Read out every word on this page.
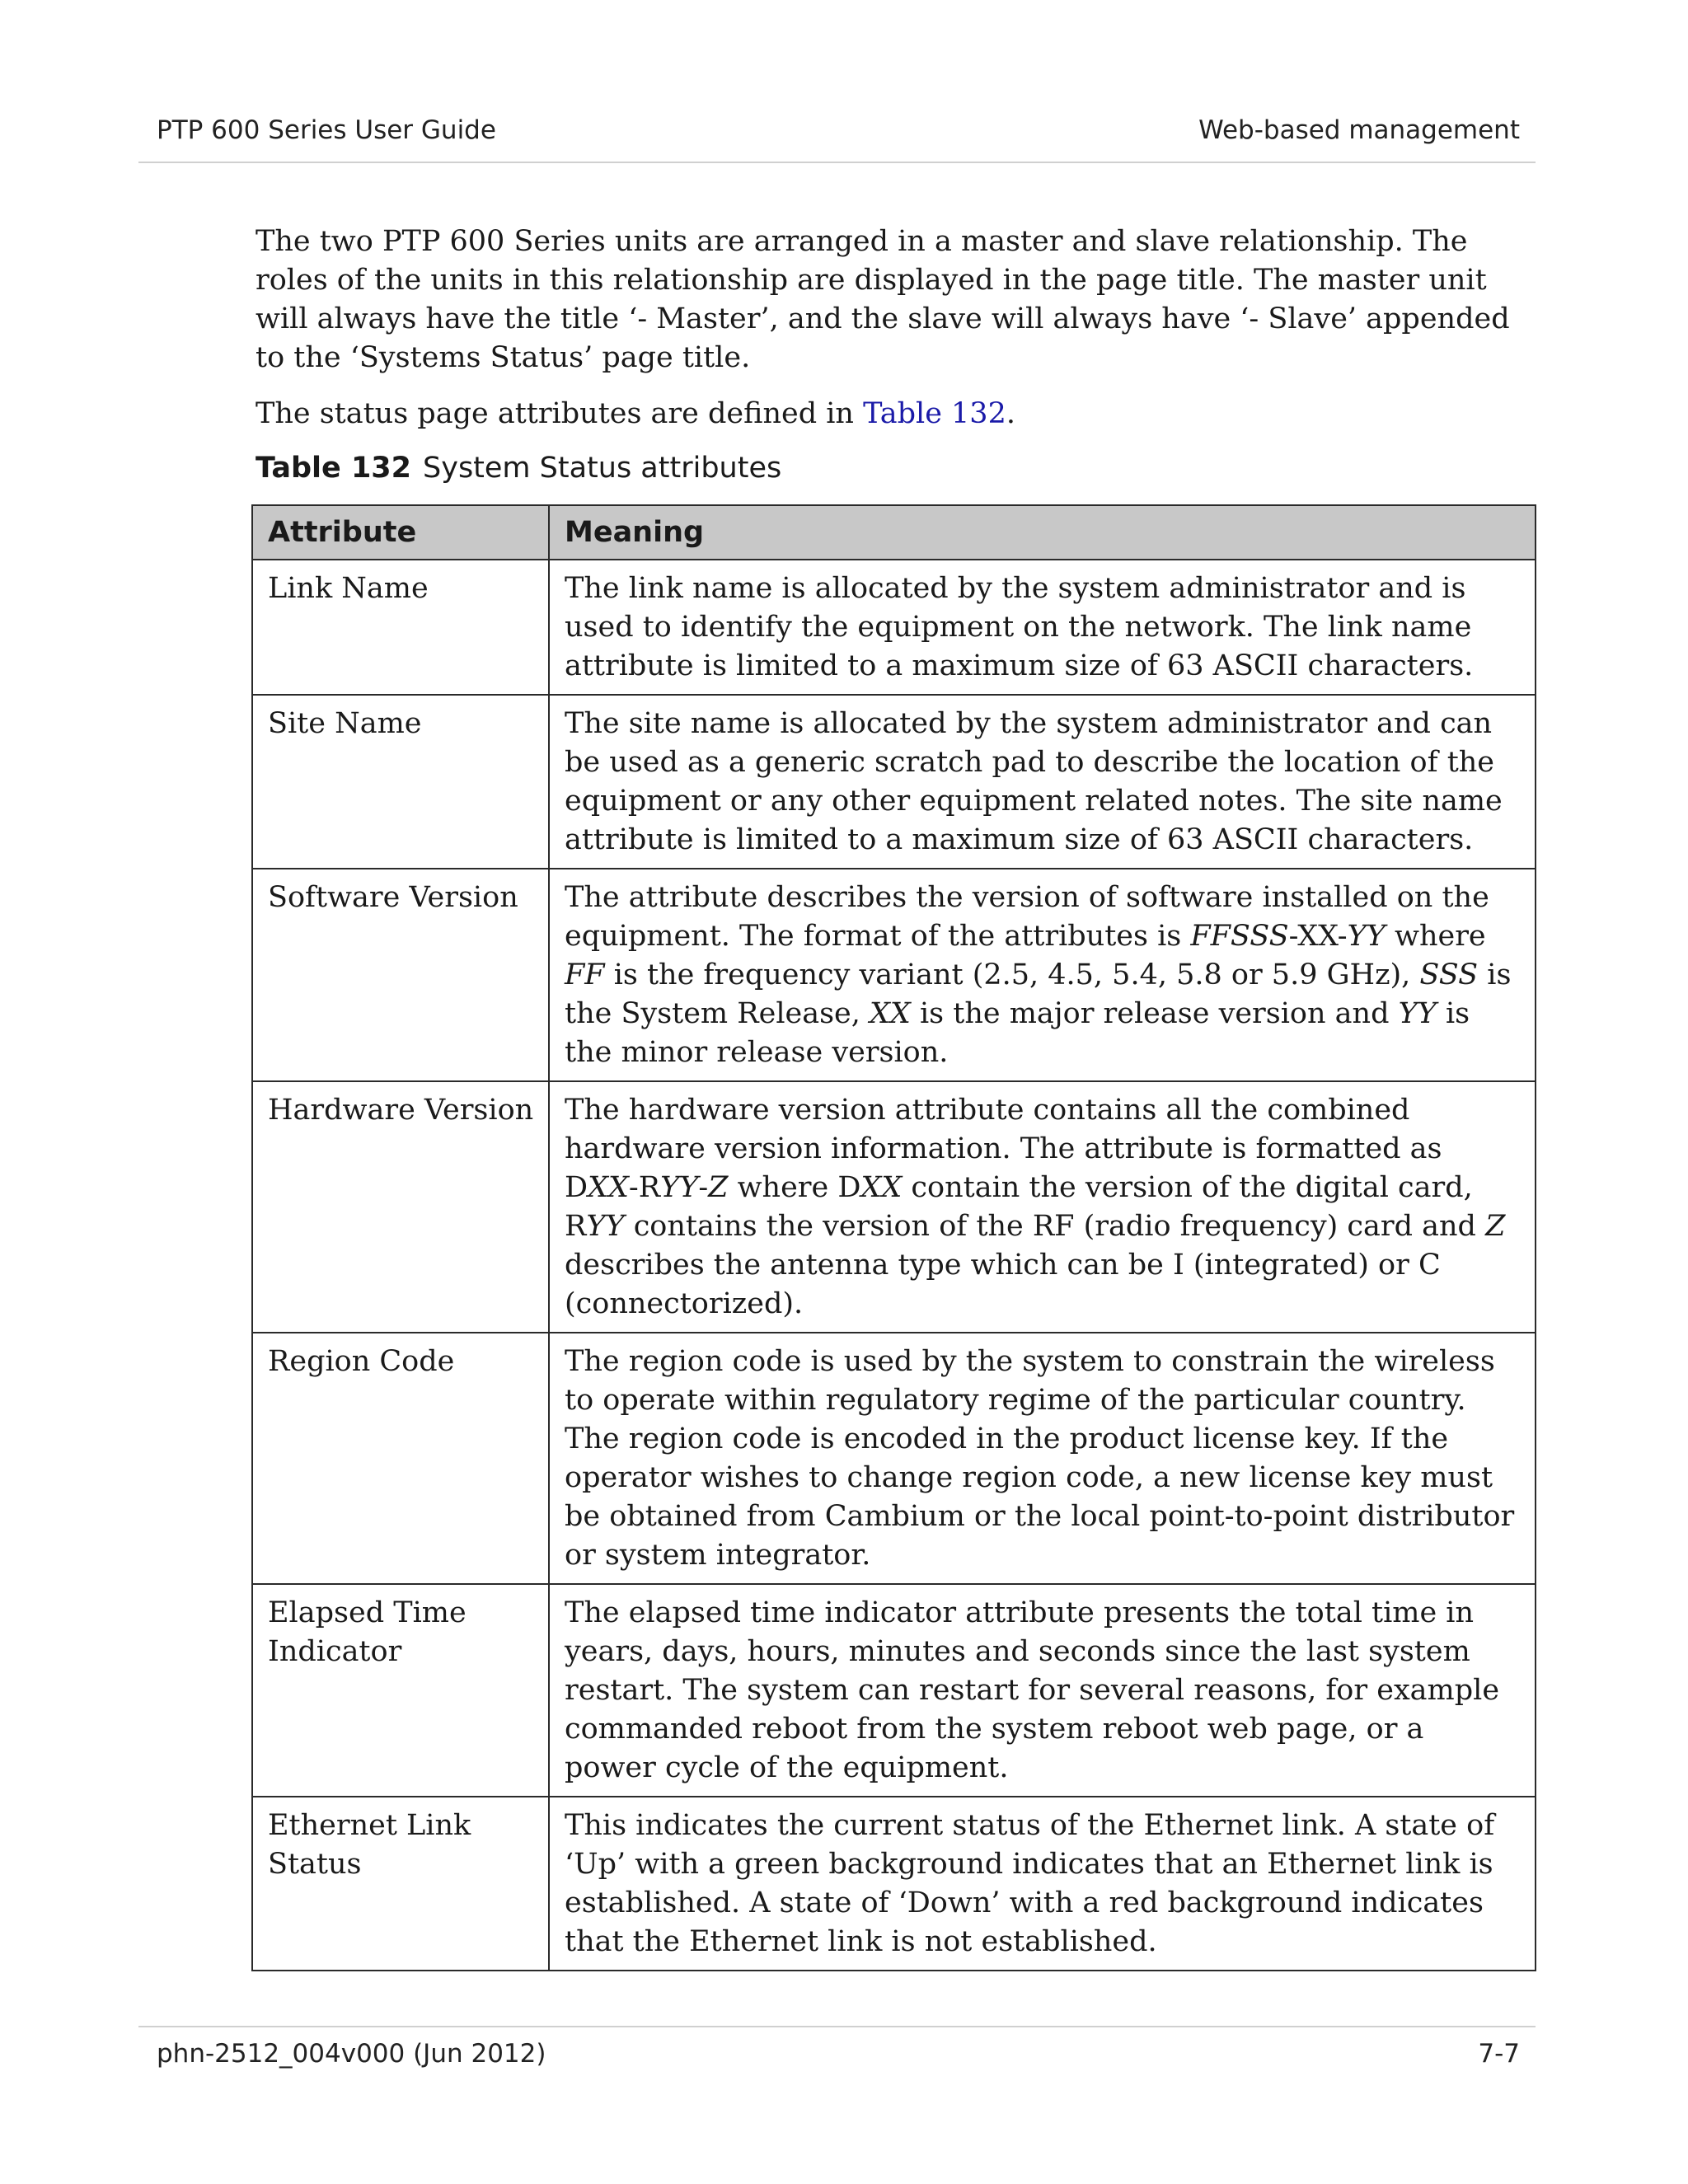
PTP 600 Series User Guide	Web-based management

The two PTP 600 Series units are arranged in a master and slave relationship. The roles of the units in this relationship are displayed in the page title. The master unit will always have the title ‘- Master’, and the slave will always have ‘- Slave’ appended to the ‘Systems Status’ page title.

The status page attributes are defined in Table 132.

Table 132 System Status attributes
Attribute	Meaning
Link Name	The link name is allocated by the system administrator and is used to identify the equipment on the network. The link name attribute is limited to a maximum size of 63 ASCII characters.
Site Name	The site name is allocated by the system administrator and can be used as a generic scratch pad to describe the location of the equipment or any other equipment related notes. The site name attribute is limited to a maximum size of 63 ASCII characters.
Software Version	The attribute describes the version of software installed on the equipment. The format of the attributes is FFSSS-XX-YY where FF is the frequency variant (2.5, 4.5, 5.4, 5.8 or 5.9 GHz), SSS is the System Release, XX is the major release version and YY is the minor release version.
Hardware Version	The hardware version attribute contains all the combined hardware version information. The attribute is formatted as DXX-RYY-Z where DXX contain the version of the digital card, RYY contains the version of the RF (radio frequency) card and Z describes the antenna type which can be I (integrated) or C (connectorized).
Region Code	The region code is used by the system to constrain the wireless to operate within regulatory regime of the particular country. The region code is encoded in the product license key. If the operator wishes to change region code, a new license key must be obtained from Cambium or the local point-to-point distributor or system integrator.
Elapsed Time Indicator	The elapsed time indicator attribute presents the total time in years, days, hours, minutes and seconds since the last system restart. The system can restart for several reasons, for example commanded reboot from the system reboot web page, or a power cycle of the equipment.
Ethernet Link Status	This indicates the current status of the Ethernet link. A state of ‘Up’ with a green background indicates that an Ethernet link is established. A state of ‘Down’ with a red background indicates that the Ethernet link is not established.
phn-2512_004v000 (Jun 2012)	7-7
